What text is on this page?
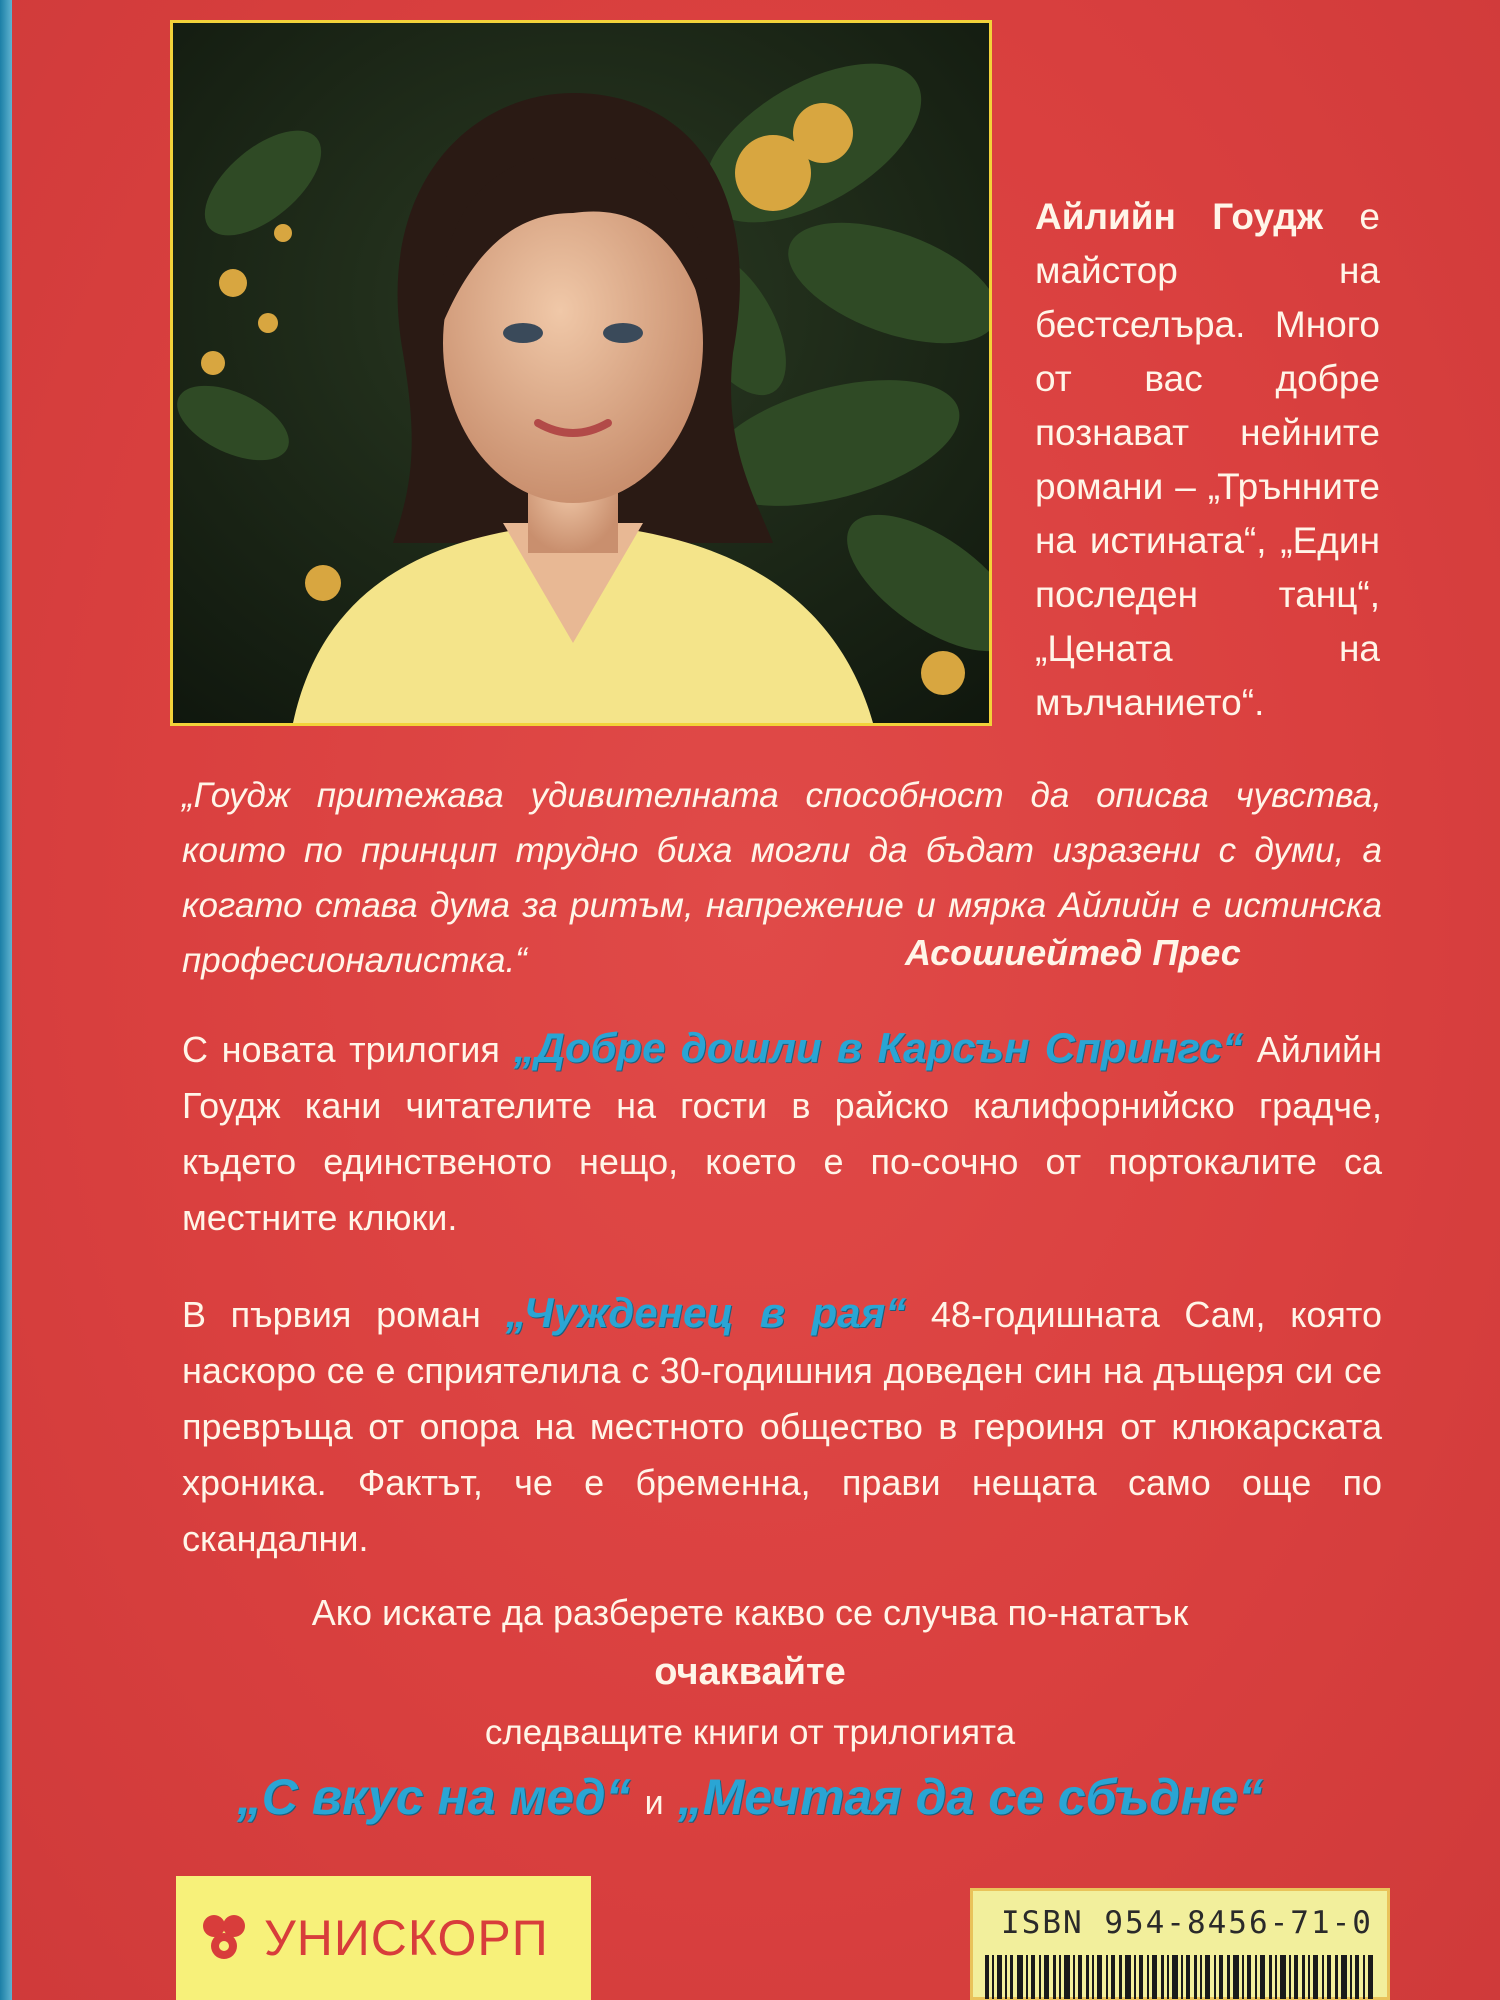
Айлийн Гоудж е майстор на бестселъра. Много от вас добре познават нейните романи – „Трънните на истината“, „Един последен танц“, „Цената на мълчанието“.
„Гоудж притежава удивителната способност да описва чувства, които по принцип трудно биха могли да бъдат изразени с думи, а когато става дума за ритъм, напрежение и мярка Айлийн е истинска професионалистка.“	Асошиейтед Прес
С новата трилогия „Добре дошли в Карсън Спрингс“ Айлийн Гоудж кани читателите на гости в райско калифорнийско градче, където единственото нещо, което е по-сочно от портокалите са местните клюки.
В първия роман „Чужденец в рая“ 48-годишната Сам, която наскоро се е сприятелила с 30-годишния доведен син на дъщеря си се превръща от опора на местното общество в героиня от клюкарската хроника. Фактът, че е бременна, прави нещата само още по скандални.
Ако искате да разберете какво се случва по-нататък
очаквайте
следващите книги от трилогията
„С вкус на мед“ и „Мечтая да се сбъдне“
УНИСКОРП	ISBN 954-8456-71-0
